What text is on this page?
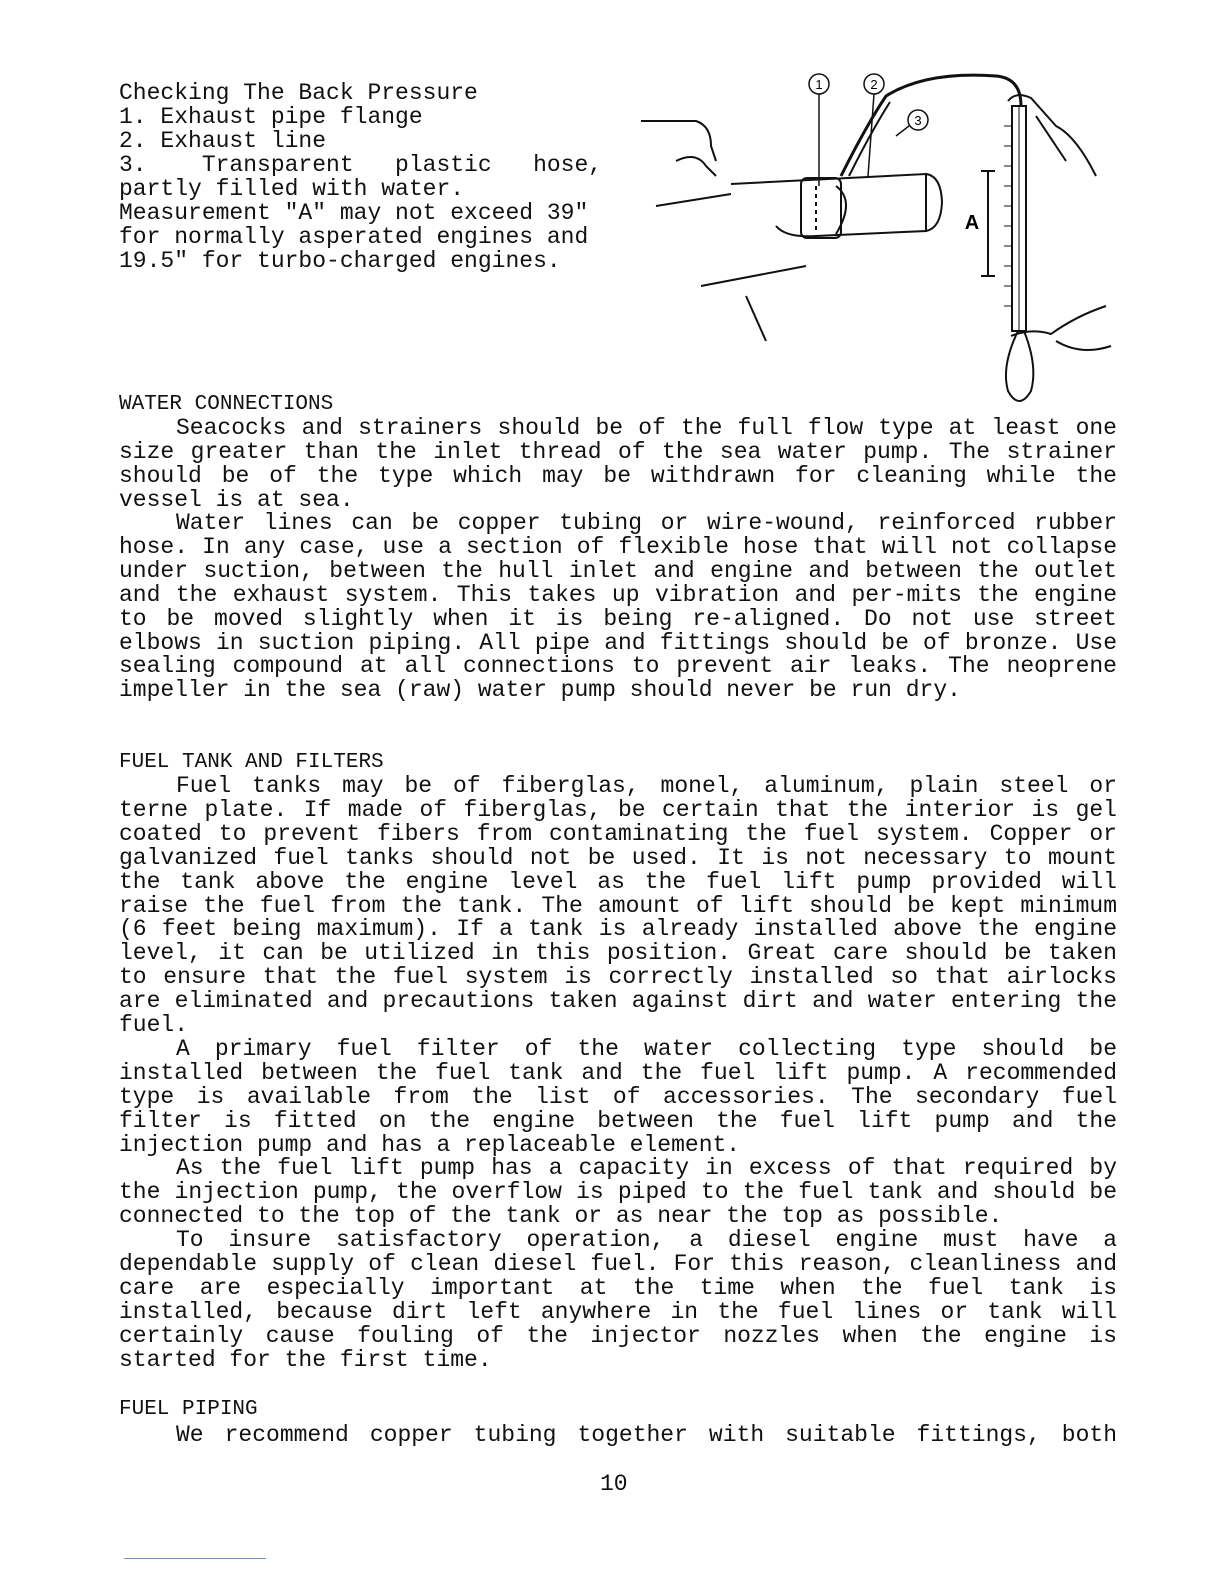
Checking The Back Pressure
1. Exhaust pipe flange
2. Exhaust line
3.    Transparent   plastic   hose,
partly filled with water.
Measurement "A" may not exceed 39"
for normally asperated engines and
19.5" for turbo-charged engines.
1	2
3
A
WATER CONNECTIONS
Seacocks and strainers should be of the full flow type at least one size greater than the inlet thread of the sea water pump. The strainer should be of the type which may be withdrawn for cleaning while the vessel is at sea.
Water lines can be copper tubing or wire-wound, reinforced rubber hose. In any case, use a section of flexible hose that will not collapse under suction, between the hull inlet and engine and between the outlet and the exhaust system. This takes up vibration and per-mits the engine to be moved slightly when it is being re-aligned. Do not use street elbows in suction piping. All pipe and fittings should be of bronze. Use sealing compound at all connections to prevent air leaks. The neoprene impeller in the sea (raw) water pump should never be run dry.
FUEL TANK AND FILTERS
Fuel tanks may be of fiberglas, monel, aluminum, plain steel or terne plate. If made of fiberglas, be certain that the interior is gel coated to prevent fibers from contaminating the fuel system. Copper or galvanized fuel tanks should not be used. It is not necessary to mount the tank above the engine level as the fuel lift pump provided will raise the fuel from the tank. The amount of lift should be kept minimum (6 feet being maximum). If a tank is already installed above the engine level, it can be utilized in this position. Great care should be taken to ensure that the fuel system is correctly installed so that airlocks are eliminated and precautions taken against dirt and water entering the fuel.
A primary fuel filter of the water collecting type should be installed between the fuel tank and the fuel lift pump. A recommended type is available from the list of accessories. The secondary fuel filter is fitted on the engine between the fuel lift pump and the injection pump and has a replaceable element.
As the fuel lift pump has a capacity in excess of that required by the injection pump, the overflow is piped to the fuel tank and should be connected to the top of the tank or as near the top as possible.
To insure satisfactory operation, a diesel engine must have a dependable supply of clean diesel fuel. For this reason, cleanliness and care are especially important at the time when the fuel tank is installed, because dirt left anywhere in the fuel lines or tank will certainly cause fouling of the injector nozzles when the engine is started for the first time.
FUEL PIPING
We recommend copper tubing together with suitable fittings, both
10
